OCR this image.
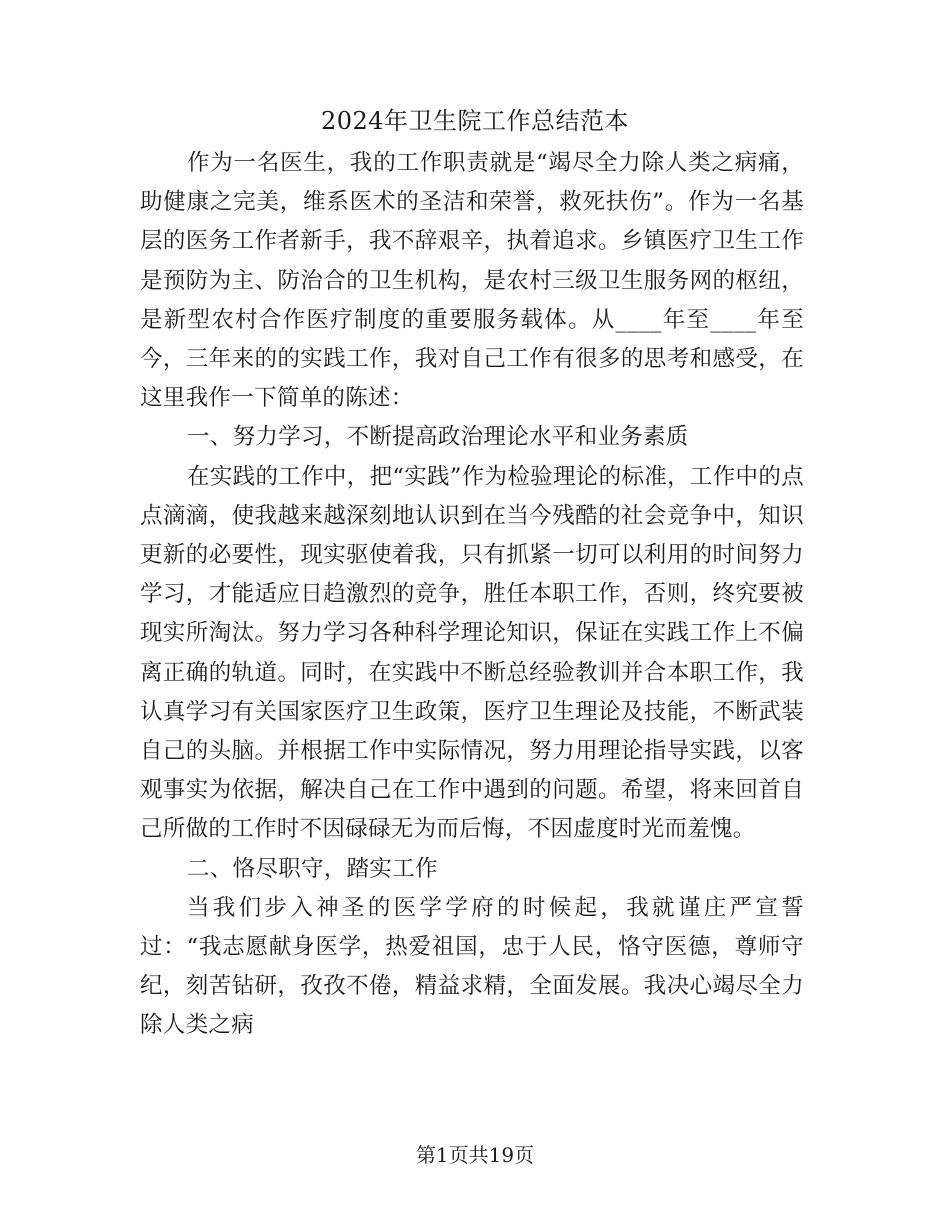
2024年卫生院工作总结范本

作为一名医生，我的工作职责就是“竭尽全力除人类之病痛，助健康之完美，维系医术的圣洁和荣誉，救死扶伤”。作为一名基层的医务工作者新手，我不辞艰辛，执着追求。乡镇医疗卫生工作是预防为主、防治合的卫生机构，是农村三级卫生服务网的枢纽，是新型农村合作医疗制度的重要服务载体。从____年至____年至今，三年来的的实践工作，我对自己工作有很多的思考和感受，在这里我作一下简单的陈述：

一、努力学习，不断提高政治理论水平和业务素质

在实践的工作中，把“实践”作为检验理论的标准，工作中的点点滴滴，使我越来越深刻地认识到在当今残酷的社会竞争中，知识更新的必要性，现实驱使着我，只有抓紧一切可以利用的时间努力学习，才能适应日趋激烈的竞争，胜任本职工作，否则，终究要被现实所淘汰。努力学习各种科学理论知识，保证在实践工作上不偏离正确的轨道。同时，在实践中不断总经验教训并合本职工作，我认真学习有关国家医疗卫生政策，医疗卫生理论及技能，不断武装自己的头脑。并根据工作中实际情况，努力用理论指导实践，以客观事实为依据，解决自己在工作中遇到的问题。希望，将来回首自己所做的工作时不因碌碌无为而后悔，不因虚度时光而羞愧。

二、恪尽职守，踏实工作

当我们步入神圣的医学学府的时候起，我就谨庄严宣誓过：“我志愿献身医学，热爱祖国，忠于人民，恪守医德，尊师守纪，刻苦钻研，孜孜不倦，精益求精，全面发展。我决心竭尽全力除人类之病

第1页共19页
